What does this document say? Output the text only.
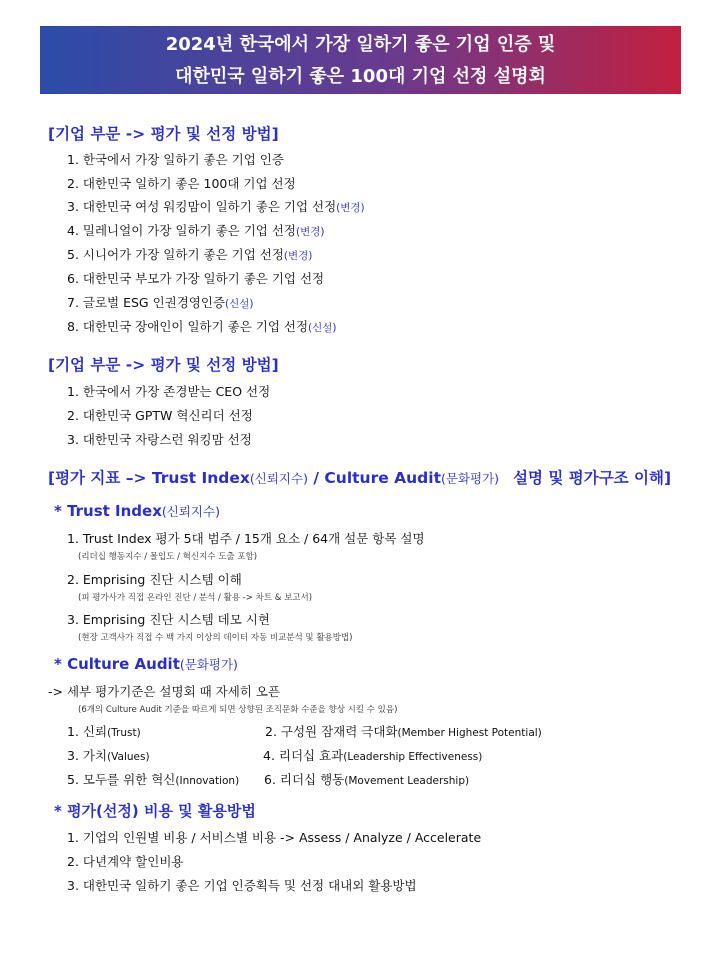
2024년 한국에서 가장 일하기 좋은 기업 인증 및
대한민국 일하기 좋은 100대 기업 선정 설명회
[기업 부문 -> 평가 및 선정 방법]
1. 한국에서 가장 일하기 좋은 기업 인증
2. 대한민국 일하기 좋은 100대 기업 선정
3. 대한민국 여성 워킹맘이 일하기 좋은 기업 선정(변경)
4. 밀레니얼이 가장 일하기 좋은 기업 선정(변경)
5. 시니어가 가장 일하기 좋은 기업 선정(변경)
6. 대한민국 부모가 가장 일하기 좋은 기업 선정
7. 글로벌 ESG 인권경영인증(신설)
8. 대한민국 장애인이 일하기 좋은 기업 선정(신설)
[기업 부문 -> 평가 및 선정 방법]
1. 한국에서 가장 존경받는 CEO 선정
2. 대한민국 GPTW 혁신리더 선정
3. 대한민국 자랑스런 워킹맘 선정
[평가 지표 –> Trust Index(신뢰지수) / Culture Audit(문화평가) 설명 및 평가구조 이해]
* Trust Index(신뢰지수)
1. Trust Index 평가 5대 범주 / 15개 요소 / 64개 설문 항목 설명
(리더십 행동지수 / 몰입도 / 혁신지수 도출 포함)
2. Emprising 진단 시스템 이해
(피 평가사가 직접 온라인 진단 / 분석 / 활용 -> 차트 & 보고서)
3. Emprising 진단 시스템 데모 시현
(현장 고객사가 직접 수 백 가지 이상의 데이터 자동 비교분석 및 활용방법)
* Culture Audit(문화평가)
-> 세부 평가기준은 설명회 때 자세히 오픈
(6개의 Culture Audit 기준을 따르게 되면 상향된 조직문화 수준을 향상 시킬 수 있음)
1. 신뢰(Trust)	2. 구성원 잠재력 극대화(Member Highest Potential)
3. 가치(Values)	4. 리더십 효과(Leadership Effectiveness)
5. 모두를 위한 혁신(Innovation) 6. 리더십 행동(Movement Leadership)
* 평가(선정) 비용 및 활용방법
1. 기업의 인원별 비용 / 서비스별 비용 -> Assess / Analyze / Accelerate
2. 다년계약 할인비용
3. 대한민국 일하기 좋은 기업 인증획득 및 선정 대내외 활용방법
